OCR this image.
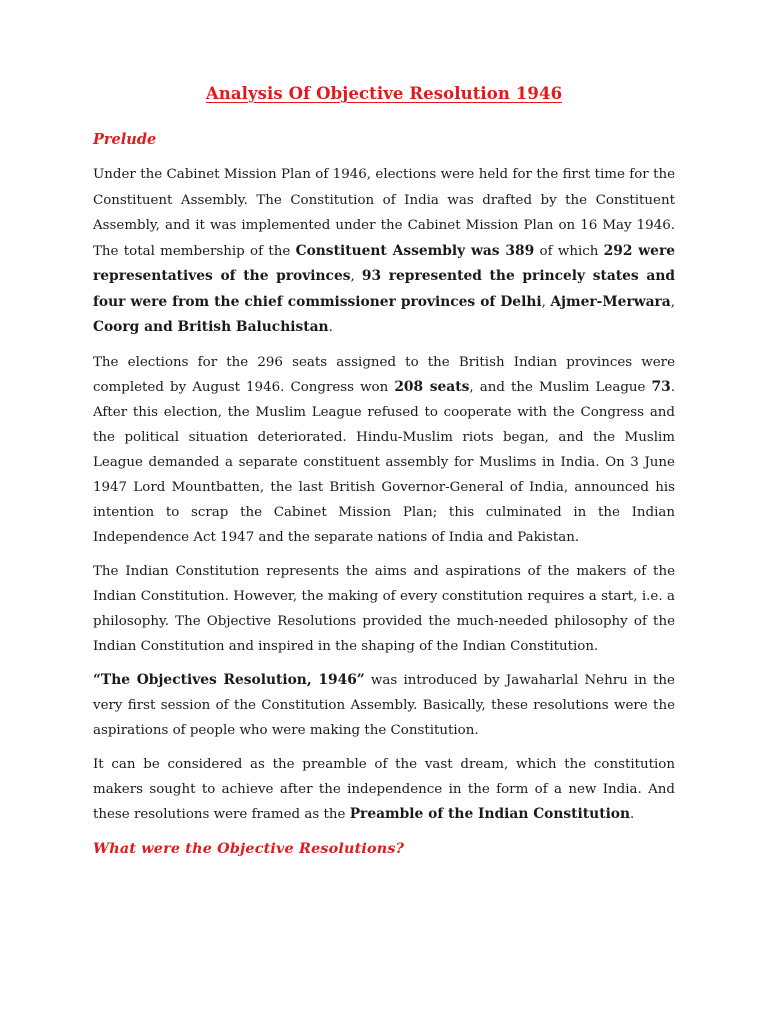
Analysis Of Objective Resolution 1946
Prelude

Under the Cabinet Mission Plan of 1946, elections were held for the first time for the Constituent Assembly. The Constitution of India was drafted by the Constituent Assembly, and it was implemented under the Cabinet Mission Plan on 16 May 1946. The total membership of the Constituent Assembly was 389 of which 292 were representatives of the provinces, 93 represented the princely states and four were from the chief commissioner provinces of Delhi, Ajmer-Merwara, Coorg and British Baluchistan.

The elections for the 296 seats assigned to the British Indian provinces were completed by August 1946. Congress won 208 seats, and the Muslim League 73. After this election, the Muslim League refused to cooperate with the Congress and the political situation deteriorated. Hindu-Muslim riots began, and the Muslim League demanded a separate constituent assembly for Muslims in India. On 3 June 1947 Lord Mountbatten, the last British Governor-General of India, announced his intention to scrap the Cabinet Mission Plan; this culminated in the Indian Independence Act 1947 and the separate nations of India and Pakistan.

The Indian Constitution represents the aims and aspirations of the makers of the Indian Constitution. However, the making of every constitution requires a start, i.e. a philosophy. The Objective Resolutions provided the much-needed philosophy of the Indian Constitution and inspired in the shaping of the Indian Constitution.

“The Objectives Resolution, 1946” was introduced by Jawaharlal Nehru in the very first session of the Constitution Assembly. Basically, these resolutions were the aspirations of people who were making the Constitution.

It can be considered as the preamble of the vast dream, which the constitution makers sought to achieve after the independence in the form of a new India. And these resolutions were framed as the Preamble of the Indian Constitution.

What were the Objective Resolutions?
